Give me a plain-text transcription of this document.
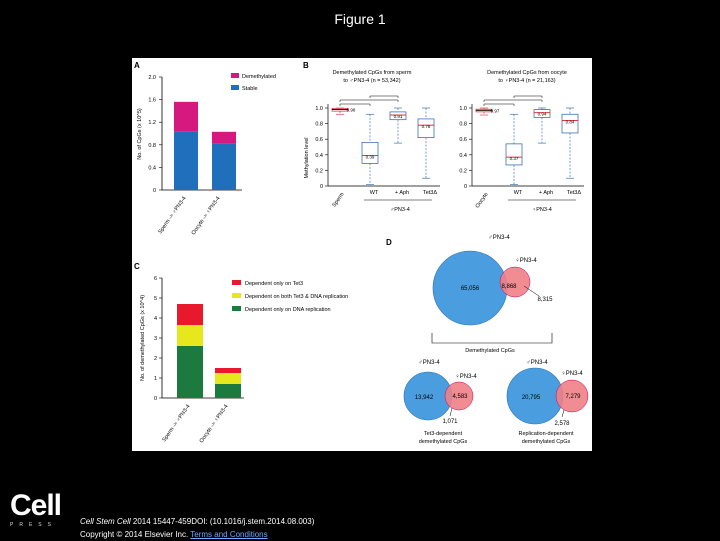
Figure 1
A
0
0.4
0.8
1.2
1.6
2.0
No. of CpGs (x 10^5)
Demethylated
Stable
Sperm -> ♂PN3-4 Oocyte -> ♀PN3-4
B
Demethylated CpGs from sperm
to ♂PN3-4 (n = 53,342)
Demethylated CpGs from oocyte
to ♀PN3-4 (n = 21,163)
Methylation level
0
0.2
0.4
0.6
0.8
1.0	0.98
Sperm
0.39
WT
0.91
+ Aph
0.78
Tet3Δ
0
0.2
0.4
0.6
0.8
1.0	0.97
Oocyte
0.37
WT
0.94
+ Aph
0.84
Tet3Δ
♂PN3-4	♀PN3-4
C
0
1
2
3
4
5
6
No. of demethylated CpGs (x 10^4)
Dependent only on Tet3
Dependent on both Tet3 & DNA replication
Dependent only on DNA replication
Sperm -> ♂PN3-4 Oocyte -> ♀PN3-4
D	♂PN3-4
♀PN3-4
65,056	8,868
8,315
Demethylated CpGs
♂PN3-4
♀PN3-4
13,942	4,583
1,071
Tet3-dependent
demethylated CpGs
♂PN3-4
♀PN3-4
20,795	7,279
2,578
Replication-dependent
demethylated CpGs
Cell
PRESS	Cell Stem Cell 2014 15447-459DOI: (10.1016/j.stem.2014.08.003)
Copyright © 2014 Elsevier Inc. Terms and Conditions
